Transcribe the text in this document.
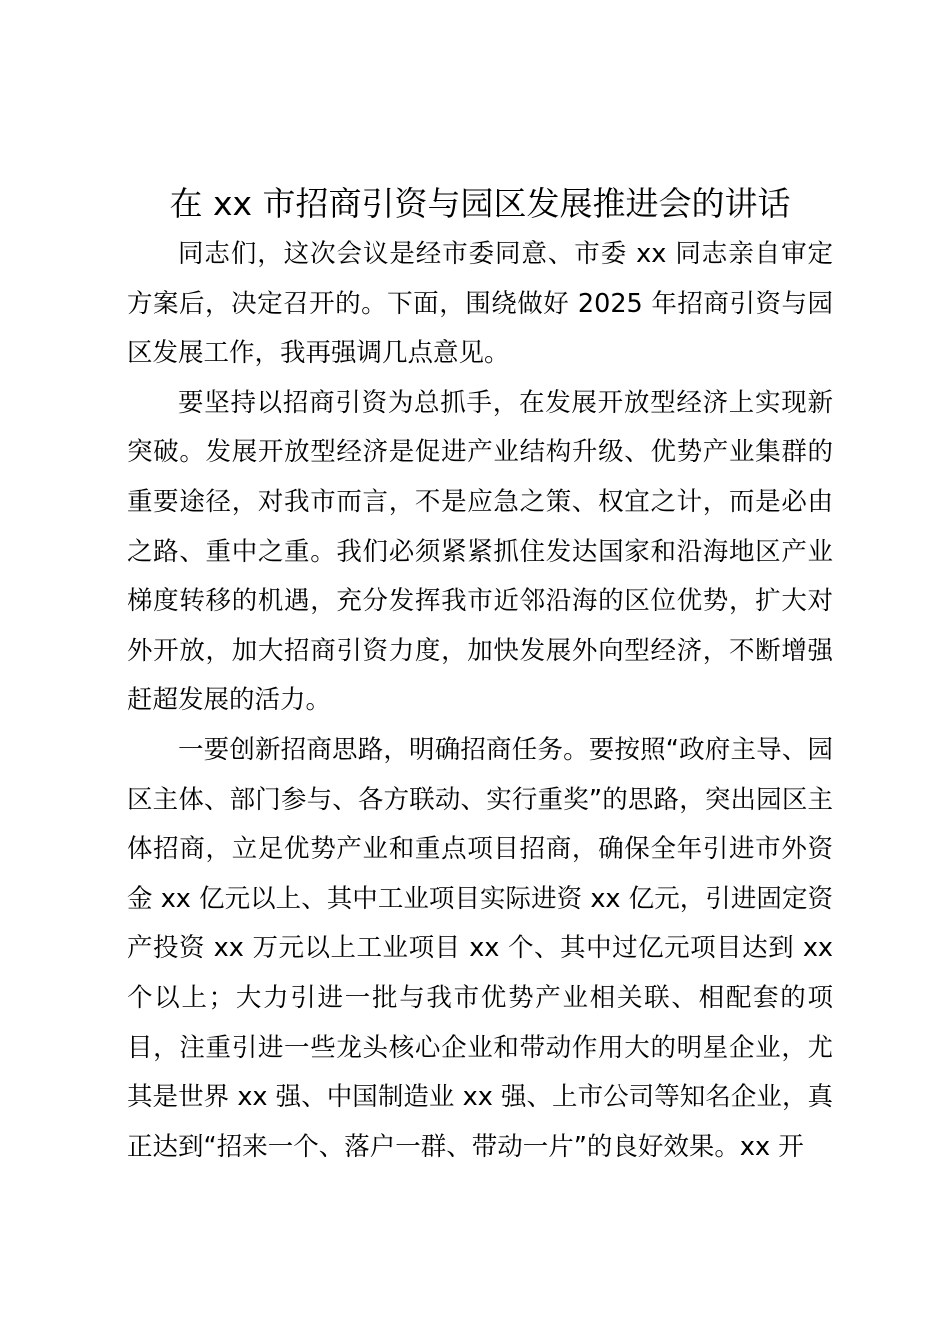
在 xx 市招商引资与园区发展推进会的讲话

同志们，这次会议是经市委同意、市委 xx 同志亲自审定方案后，决定召开的。下面，围绕做好 2025 年招商引资与园区发展工作，我再强调几点意见。

要坚持以招商引资为总抓手，在发展开放型经济上实现新突破。发展开放型经济是促进产业结构升级、优势产业集群的重要途径，对我市而言，不是应急之策、权宜之计，而是必由之路、重中之重。我们必须紧紧抓住发达国家和沿海地区产业梯度转移的机遇，充分发挥我市近邻沿海的区位优势，扩大对外开放，加大招商引资力度，加快发展外向型经济，不断增强赶超发展的活力。

一要创新招商思路，明确招商任务。要按照“政府主导、园区主体、部门参与、各方联动、实行重奖”的思路，突出园区主体招商，立足优势产业和重点项目招商，确保全年引进市外资金 xx 亿元以上、其中工业项目实际进资 xx 亿元，引进固定资产投资 xx 万元以上工业项目 xx 个、其中过亿元项目达到 xx 个以上；大力引进一批与我市优势产业相关联、相配套的项目，注重引进一些龙头核心企业和带动作用大的明星企业，尤其是世界 xx 强、中国制造业 xx 强、上市公司等知名企业，真正达到“招来一个、落户一群、带动一片”的良好效果。xx 开
